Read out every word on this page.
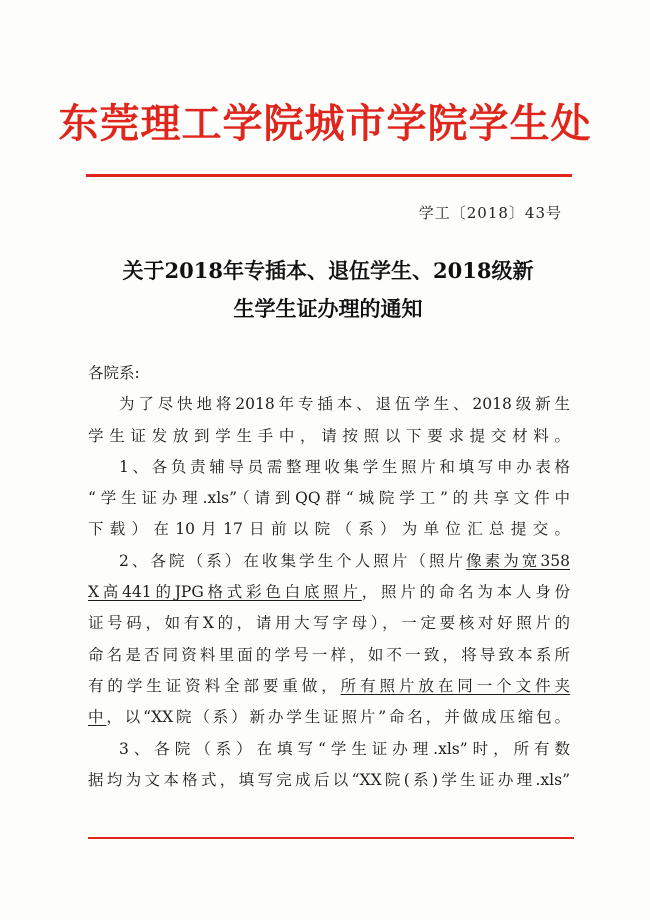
东莞理工学院城市学院学生处
学工〔2018〕43号
关于2018年专插本、退伍学生、2018级新
生学生证办理的通知
各院系:
为了尽快地将2018年专插本、退伍学生、2018级新生
学生证发放到学生手中，请按照以下要求提交材料。
1、各负责辅导员需整理收集学生照片和填写申办表格
“学生证办理.xls”（请到QQ群“城院学工”的共享文件中
下载）在10月17日前以院（系）为单位汇总提交。
2、各院（系）在收集学生个人照片（照片像素为宽358
X高441的JPG格式彩色白底照片，照片的命名为本人身份
证号码，如有X的，请用大写字母），一定要核对好照片的
命名是否同资料里面的学号一样，如不一致，将导致本系所
有的学生证资料全部要重做，所有照片放在同一个文件夹
中，以“XX院（系）新办学生证照片”命名，并做成压缩包。
3、各院（系）在填写“学生证办理.xls”时，所有数
据均为文本格式，填写完成后以“XX院(系)学生证办理.xls”
